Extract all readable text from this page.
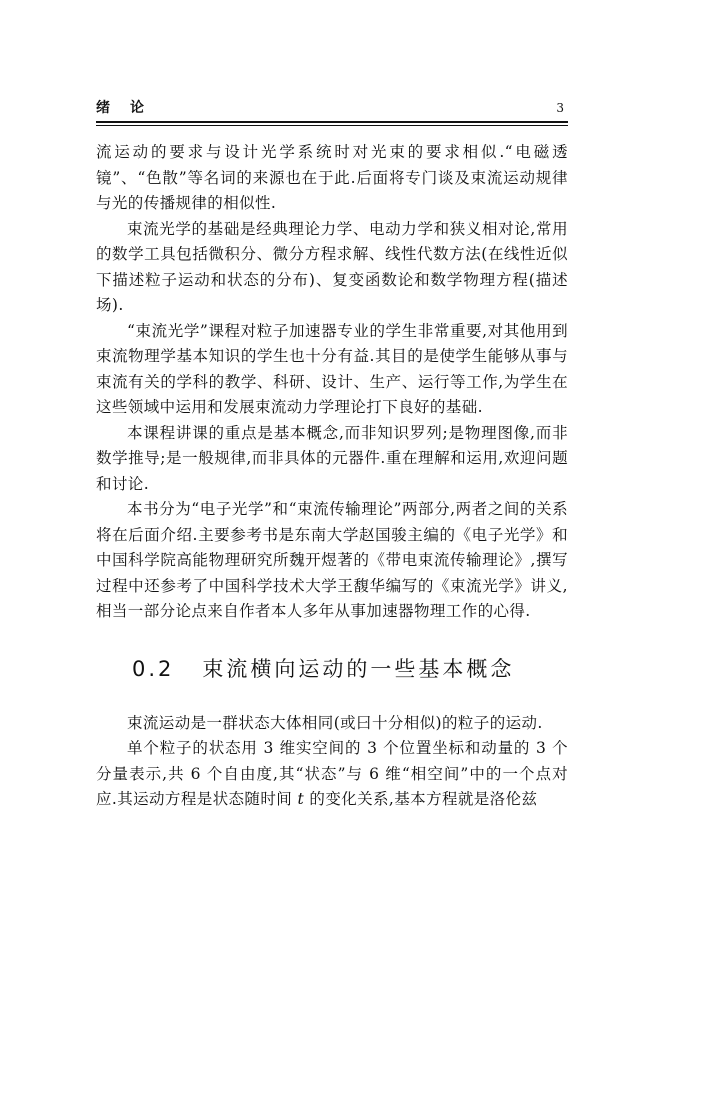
绪论	3

流运动的要求与设计光学系统时对光束的要求相似.“电磁透镜”、“色散”等名词的来源也在于此.后面将专门谈及束流运动规律与光的传播规律的相似性.

束流光学的基础是经典理论力学、电动力学和狭义相对论,常用的数学工具包括微积分、微分方程求解、线性代数方法(在线性近似下描述粒子运动和状态的分布)、复变函数论和数学物理方程(描述场).

“束流光学”课程对粒子加速器专业的学生非常重要,对其他用到束流物理学基本知识的学生也十分有益.其目的是使学生能够从事与束流有关的学科的教学、科研、设计、生产、运行等工作,为学生在这些领域中运用和发展束流动力学理论打下良好的基础.

本课程讲课的重点是基本概念,而非知识罗列;是物理图像,而非数学推导;是一般规律,而非具体的元器件.重在理解和运用,欢迎问题和讨论.

本书分为“电子光学”和“束流传输理论”两部分,两者之间的关系将在后面介绍.主要参考书是东南大学赵国骏主编的《电子光学》和中国科学院高能物理研究所魏开煜著的《带电束流传输理论》,撰写过程中还参考了中国科学技术大学王馥华编写的《束流光学》讲义,相当一部分论点来自作者本人多年从事加速器物理工作的心得.

0.2 束流横向运动的一些基本概念

束流运动是一群状态大体相同(或曰十分相似)的粒子的运动.

单个粒子的状态用 3 维实空间的 3 个位置坐标和动量的 3 个分量表示,共 6 个自由度,其“状态”与 6 维“相空间”中的一个点对应.其运动方程是状态随时间 t 的变化关系,基本方程就是洛伦兹
